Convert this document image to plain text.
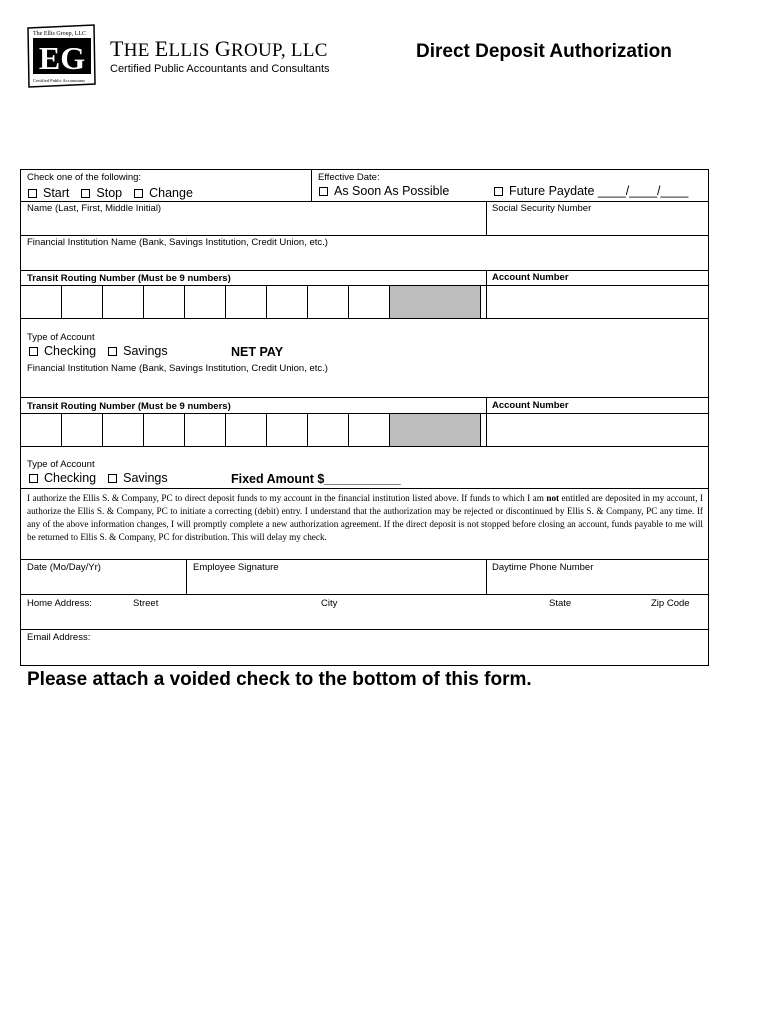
The Ellis Group, LLC
EG
Certified Public Accountants
THE ELLIS GROUP, LLC
Certified Public Accountants and Consultants
Direct Deposit Authorization
Check one of the following:
Start Stop Change
Effective Date:
As Soon As Possible	Future Paydate ____/____/____
Name (Last, First, Middle Initial)	Social Security Number
Financial Institution Name (Bank, Savings Institution, Credit Union, etc.)
Transit Routing Number (Must be 9 numbers)	Account Number
Type of Account
Checking Savings	NET PAY
Financial Institution Name (Bank, Savings Institution, Credit Union, etc.)
Transit Routing Number (Must be 9 numbers)	Account Number
Type of Account
Checking Savings	Fixed Amount $___________
I authorize the Ellis S. & Company, PC to direct deposit funds to my account in the financial institution listed above. If funds to which I am not entitled are deposited in my account, I authorize the Ellis S. & Company, PC to initiate a correcting (debit) entry. I understand that the authorization may be rejected or discontinued by Ellis S. & Company, PC any time. If any of the above information changes, I will promptly complete a new authorization agreement. If the direct deposit is not stopped before closing an account, funds payable to me will be returned to Ellis S. & Company, PC for distribution. This will delay my check.
Date (Mo/Day/Yr)	Employee Signature	Daytime Phone Number
Home Address:	Street	City	State	Zip Code
Email Address:
Please attach a voided check to the bottom of this form.
